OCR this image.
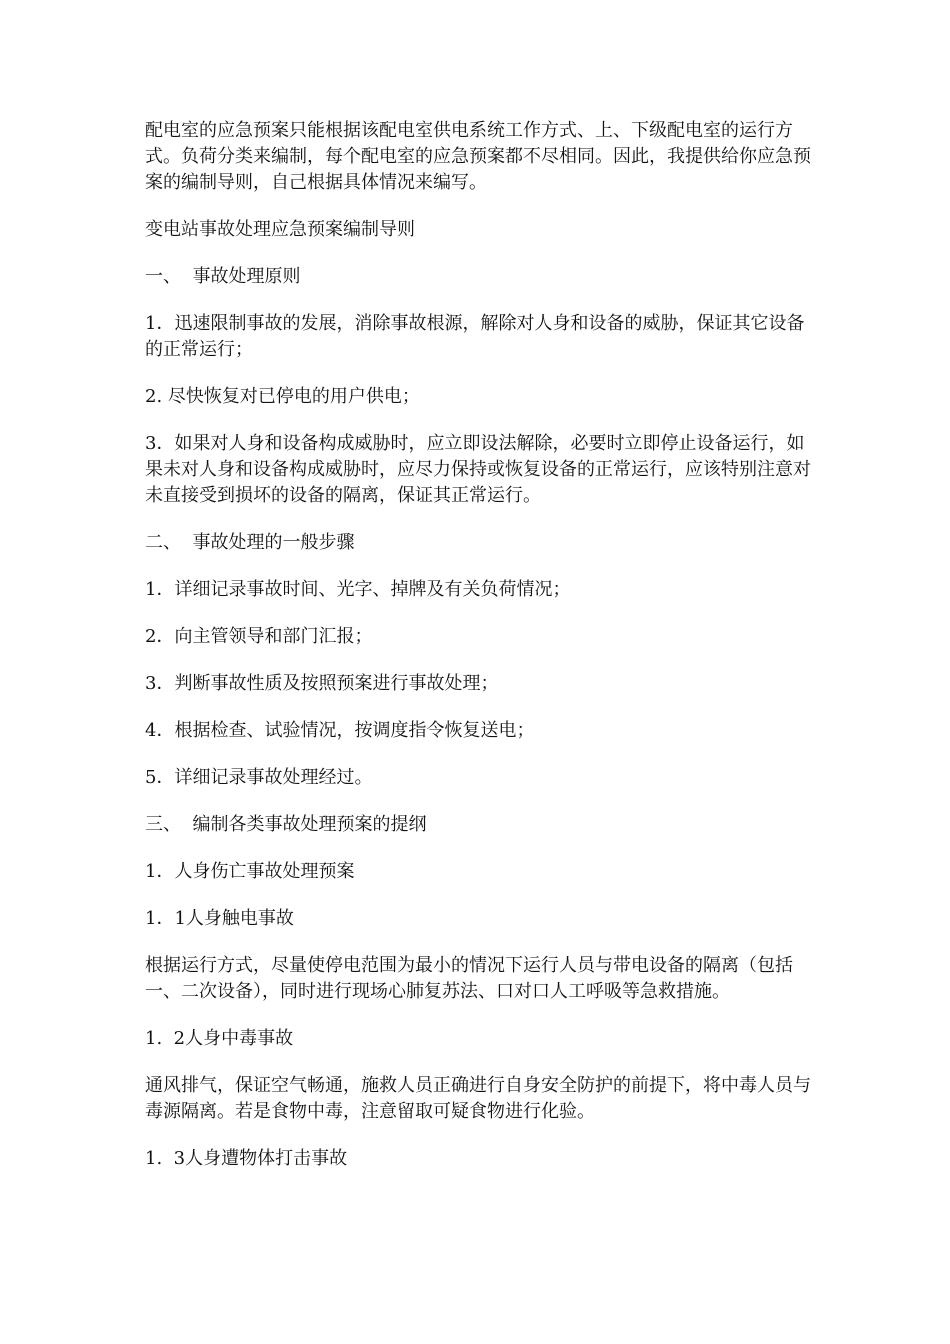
配电室的应急预案只能根据该配电室供电系统工作方式、上、下级配电室的运行方式。负荷分类来编制，每个配电室的应急预案都不尽相同。因此，我提供给你应急预案的编制导则，自己根据具体情况来编写。

变电站事故处理应急预案编制导则

一、  事故处理原则

1．迅速限制事故的发展，消除事故根源，解除对人身和设备的威胁，保证其它设备的正常运行；

2. 尽快恢复对已停电的用户供电；

3．如果对人身和设备构成威胁时，应立即设法解除，必要时立即停止设备运行，如果未对人身和设备构成威胁时，应尽力保持或恢复设备的正常运行，应该特别注意对未直接受到损坏的设备的隔离，保证其正常运行。

二、  事故处理的一般步骤

1．详细记录事故时间、光字、掉牌及有关负荷情况；

2．向主管领导和部门汇报；

3．判断事故性质及按照预案进行事故处理；

4．根据检查、试验情况，按调度指令恢复送电；

5．详细记录事故处理经过。

三、  编制各类事故处理预案的提纲

1．人身伤亡事故处理预案

1．1人身触电事故

根据运行方式，尽量使停电范围为最小的情况下运行人员与带电设备的隔离（包括一、二次设备），同时进行现场心肺复苏法、口对口人工呼吸等急救措施。

1.  2人身中毒事故

通风排气，保证空气畅通，施救人员正确进行自身安全防护的前提下，将中毒人员与毒源隔离。若是食物中毒，注意留取可疑食物进行化验。

1.  3人身遭物体打击事故
